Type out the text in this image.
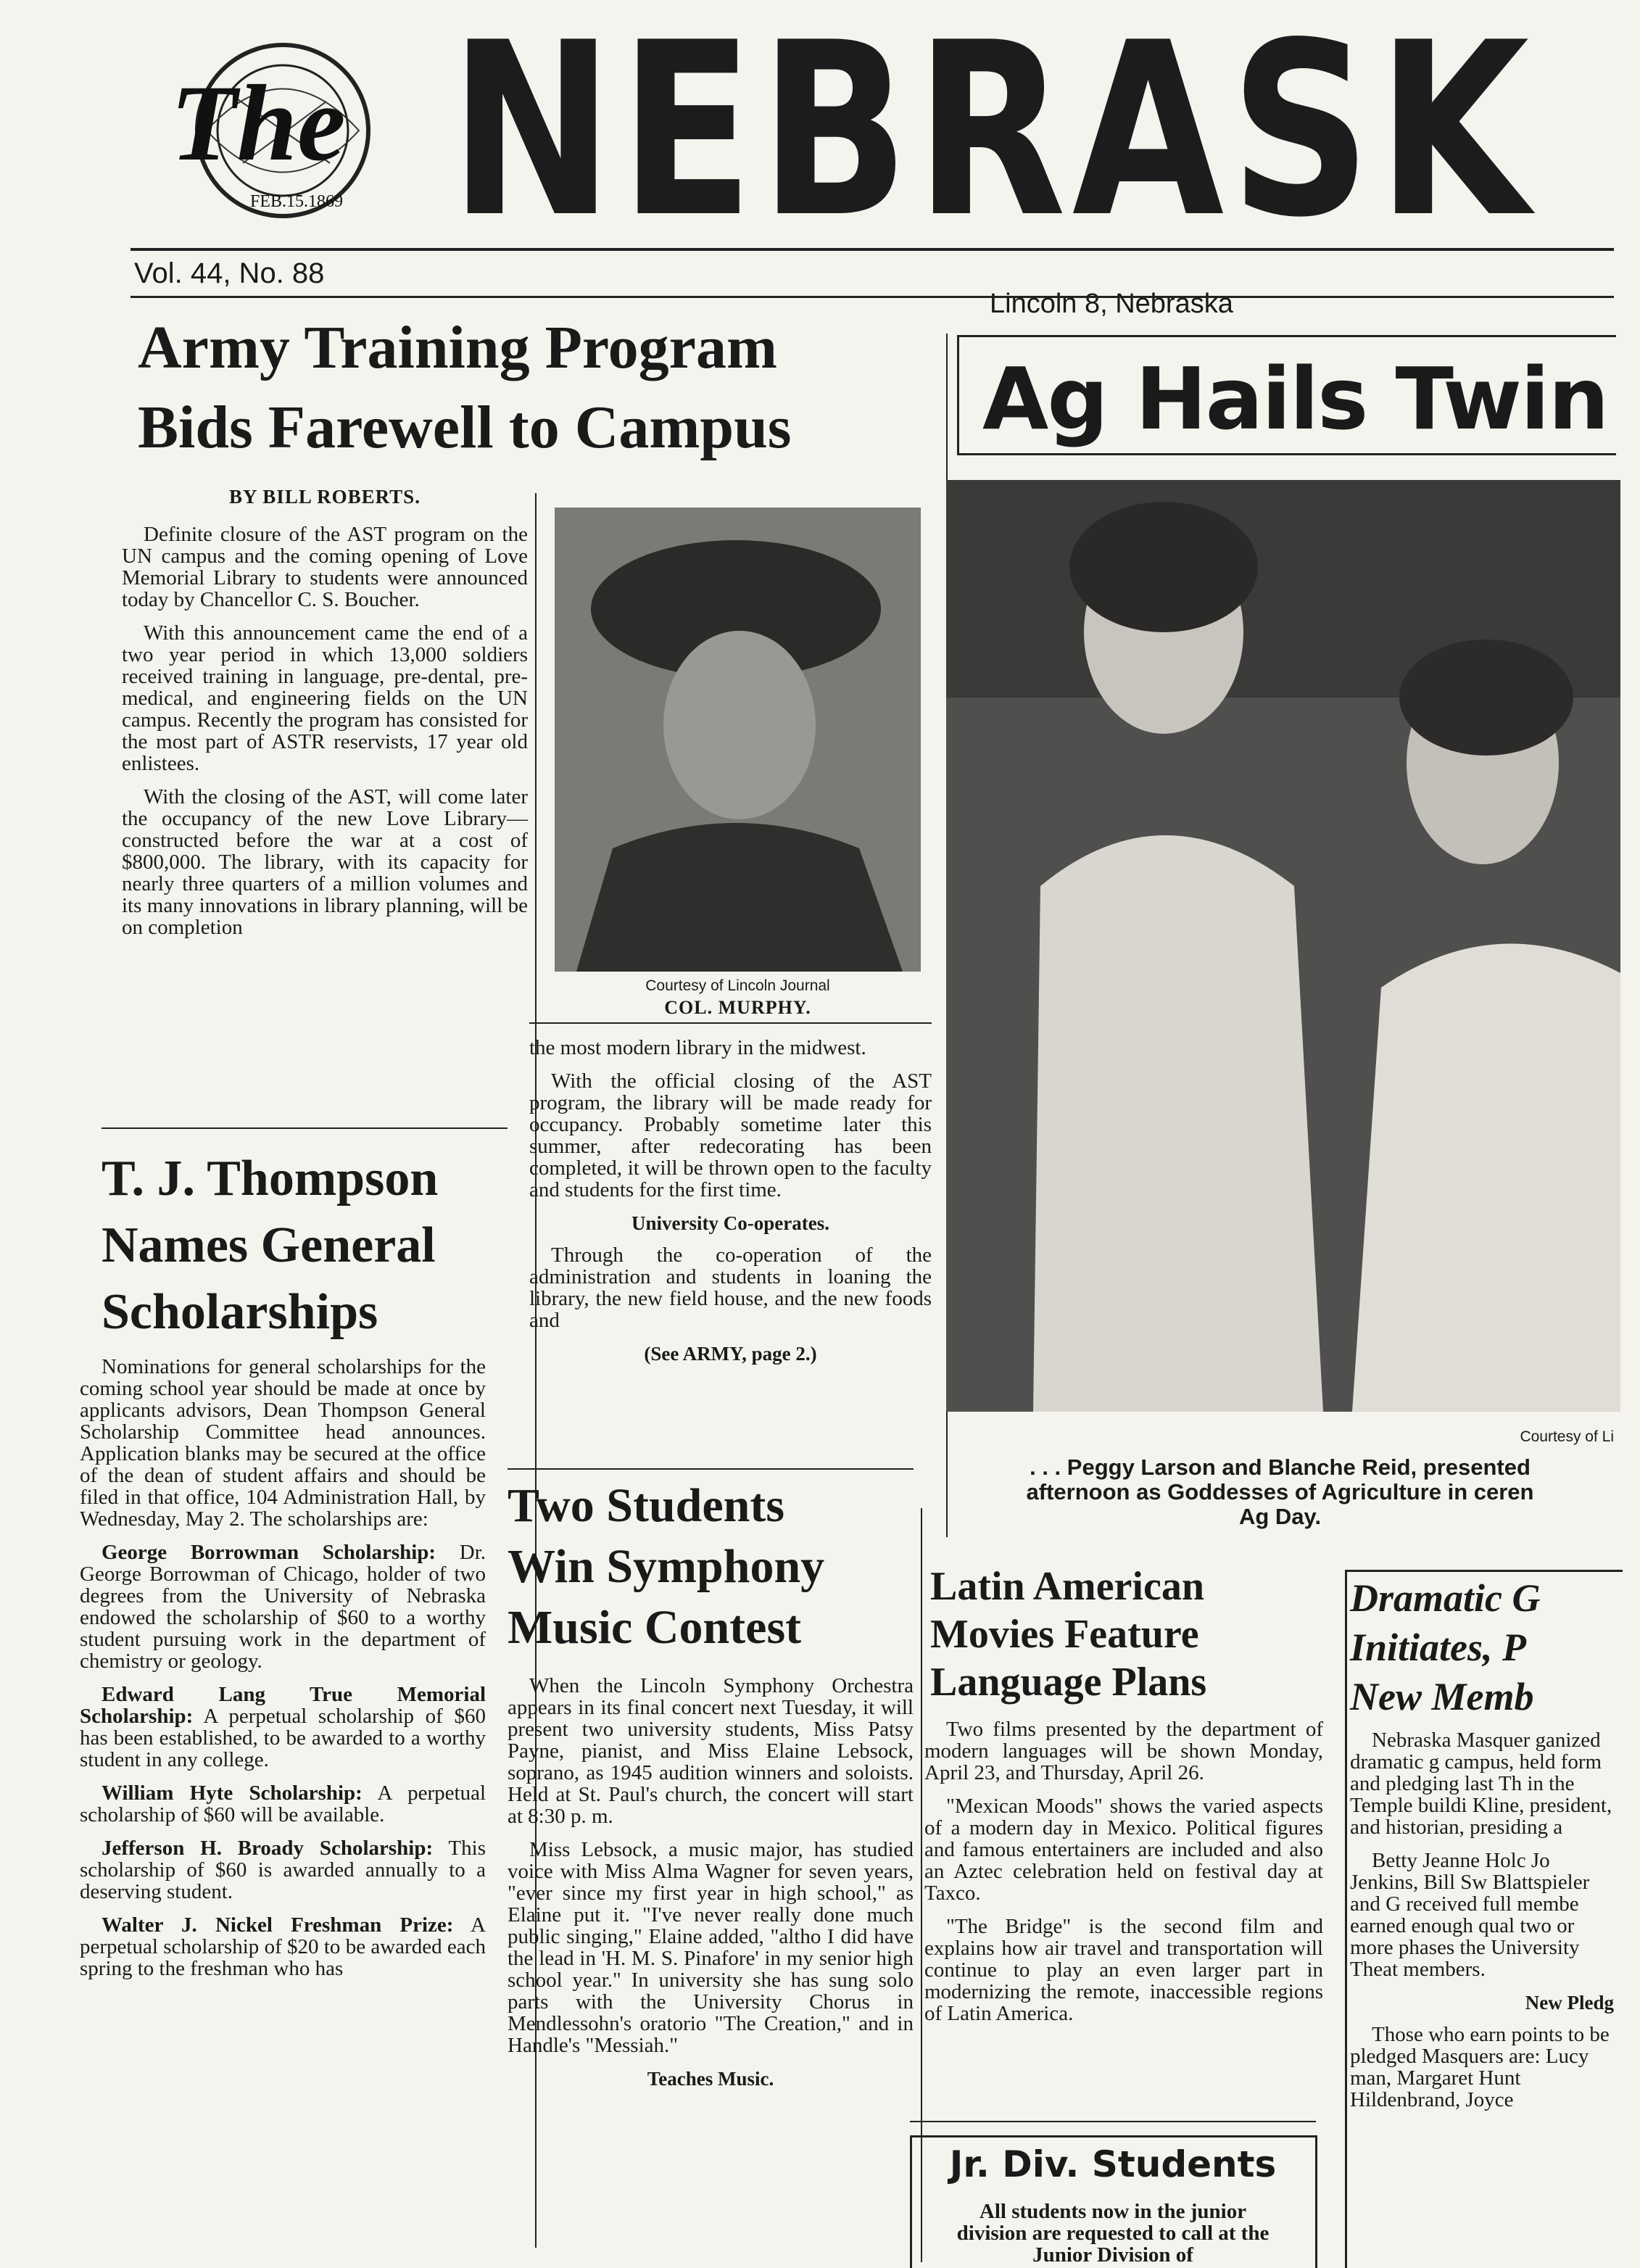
The
FEB.15.1869 NEBRASK
Vol. 44, No. 88
Lincoln 8, Nebraska
Army Training Program
Bids Farewell to Campus
BY BILL ROBERTS.

Definite closure of the AST program on the UN campus and the coming opening of Love Memorial Library to students were announced today by Chancellor C. S. Boucher.

With this announcement came the end of a two year period in which 13,000 soldiers received training in language, pre-dental, pre-medical, and engineering fields on the UN campus. Recently the program has consisted for the most part of ASTR reservists, 17 year old enlistees.

With the closing of the AST, will come later the occupancy of the new Love Library—constructed before the war at a cost of $800,000. The library, with its capacity for nearly three quarters of a million volumes and its many innovations in library planning, will be on completion

Courtesy of Lincoln Journal
COL. MURPHY.

the most modern library in the midwest.

With the official closing of the AST program, the library will be made ready for occupancy. Probably sometime later this summer, after redecorating has been completed, it will be thrown open to the faculty and students for the first time.

University Co-operates.

Through the co-operation of the administration and students in loaning the library, the new field house, and the new foods and

(See ARMY, page 2.)
T. J. Thompson
Names General
Scholarships

Nominations for general scholarships for the coming school year should be made at once by applicants advisors, Dean Thompson General Scholarship Committee head announces. Application blanks may be secured at the office of the dean of student affairs and should be filed in that office, 104 Administration Hall, by Wednesday, May 2. The scholarships are:

George Borrowman Scholarship: Dr. George Borrowman of Chicago, holder of two degrees from the University of Nebraska endowed the scholarship of $60 to a worthy student pursuing work in the department of chemistry or geology.

Edward Lang True Memorial Scholarship: A perpetual scholarship of $60 has been established, to be awarded to a worthy student in any college.

William Hyte Scholarship: A perpetual scholarship of $60 will be available.

Jefferson H. Broady Scholarship: This scholarship of $60 is awarded annually to a deserving student.

Walter J. Nickel Freshman Prize: A perpetual scholarship of $20 to be awarded each spring to the freshman who has

Two Students
Win Symphony
Music Contest

When the Lincoln Symphony Orchestra appears in its final concert next Tuesday, it will present two university students, Miss Patsy Payne, pianist, and Miss Elaine Lebsock, soprano, as 1945 audition winners and soloists. Held at St. Paul's church, the concert will start at 8:30 p. m.

Miss Lebsock, a music major, has studied voice with Miss Alma Wagner for seven years, "ever since my first year in high school," as Elaine put it. "I've never really done much public singing," Elaine added, "altho I did have the lead in 'H. M. S. Pinafore' in my senior high school year." In university she has sung solo parts with the University Chorus in Mendlessohn's oratorio "The Creation," and in Handle's "Messiah."

Teaches Music.
Ag Hails Twin
Courtesy of Li
. . . Peggy Larson and Blanche Reid, presented
afternoon as Goddesses of Agriculture in ceren
Ag Day.
Latin American
Movies Feature
Language Plans

Two films presented by the department of modern languages will be shown Monday, April 23, and Thursday, April 26.

"Mexican Moods" shows the varied aspects of a modern day in Mexico. Political figures and famous entertainers are included and also an Aztec celebration held on festival day at Taxco.

"The Bridge" is the second film and explains how air travel and transportation will continue to play an even larger part in modernizing the remote, inaccessible regions of Latin America.

Jr. Div. Students
All students now in the junior division are requested to call at the Junior Division of
Dramatic G
Initiates, P
New Memb

Nebraska Masquer ganized dramatic g campus, held form and pledging last Th in the Temple buildi Kline, president, and historian, presiding a

Betty Jeanne Holc Jo Jenkins, Bill Sw Blattspieler and G received full membe earned enough qual two or more phases the University Theat members.

New Pledg

Those who earn points to be pledged Masquers are: Lucy man, Margaret Hunt Hildenbrand, Joyce
